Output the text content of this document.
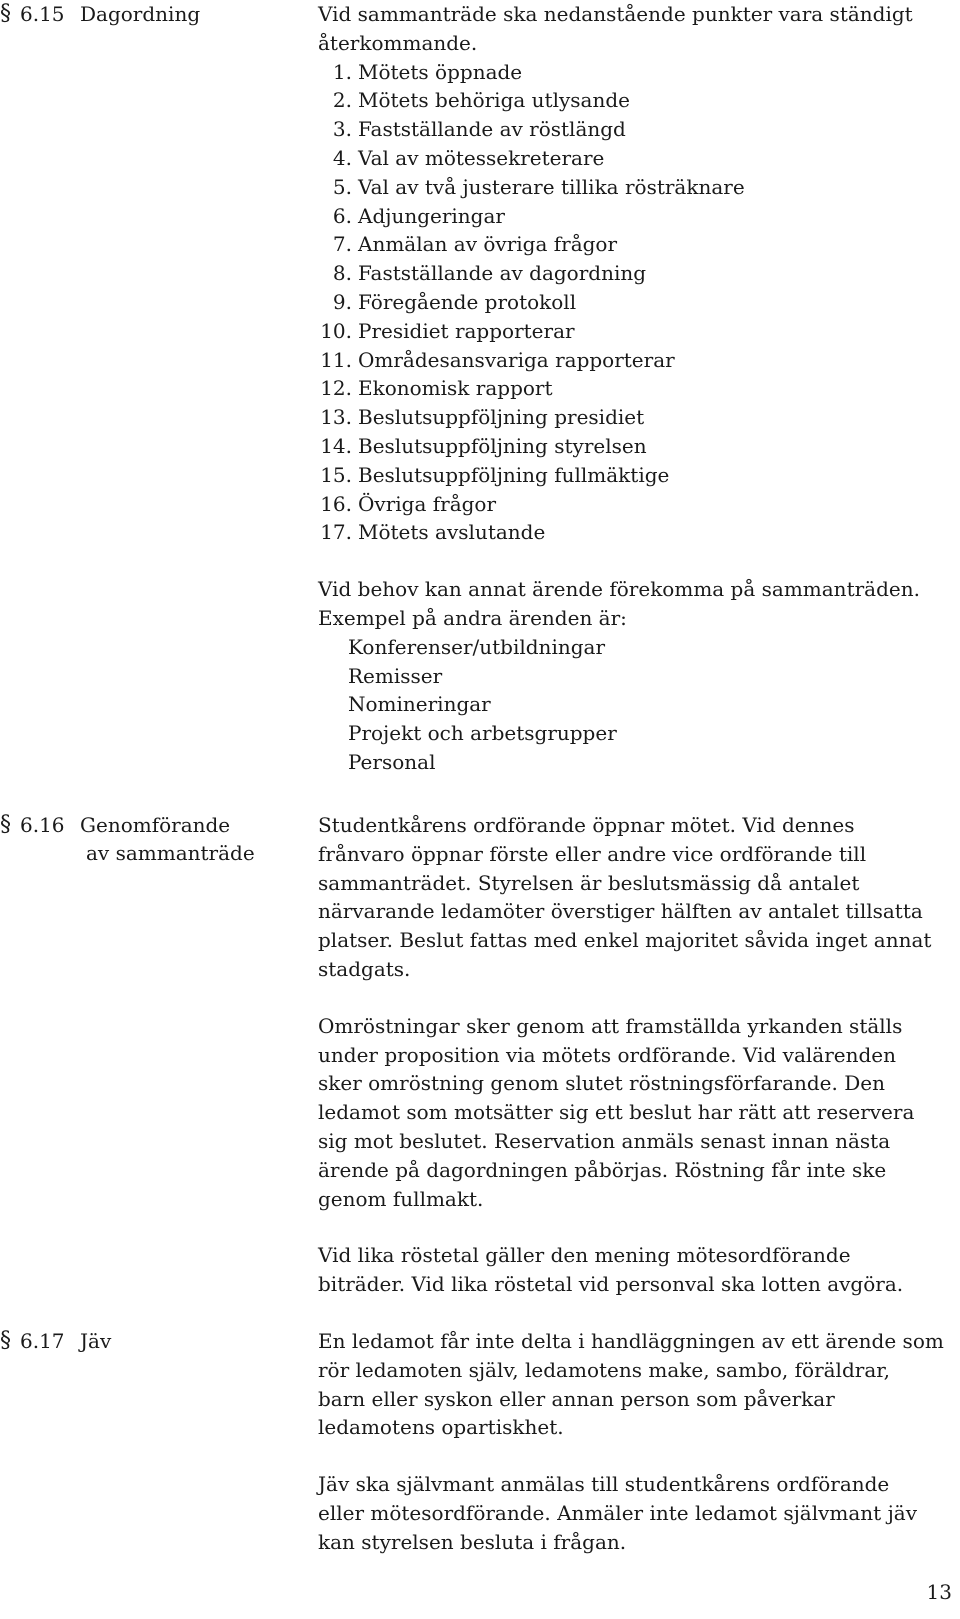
§ 6.15 Dagordning	Vid sammanträde ska nedanstående punkter vara ständigt

återkommande.

1. Mötets öppnade
2. Mötets behöriga utlysande
3. Fastställande av röstlängd
4. Val av mötessekreterare
5. Val av två justerare tillika rösträknare
6. Adjungeringar
7. Anmälan av övriga frågor
8. Fastställande av dagordning
9. Föregående protokoll
10. Presidiet rapporterar
11. Områdesansvariga rapporterar
12. Ekonomisk rapport
13. Beslutsuppföljning presidiet
14. Beslutsuppföljning styrelsen
15. Beslutsuppföljning fullmäktige
16. Övriga frågor
17. Mötets avslutande

Vid behov kan annat ärende förekomma på sammanträden.

Exempel på andra ärenden är:

Konferenser/utbildningar

Remisser

Nomineringar

Projekt och arbetsgrupper

Personal

§ 6.16 Genomförande
av sammanträde

Studentkårens ordförande öppnar mötet. Vid dennes

frånvaro öppnar förste eller andre vice ordförande till

sammanträdet. Styrelsen är beslutsmässig då antalet

närvarande ledamöter överstiger hälften av antalet tillsatta

platser. Beslut fattas med enkel majoritet såvida inget annat

stadgats.

Omröstningar sker genom att framställda yrkanden ställs

under proposition via mötets ordförande. Vid valärenden

sker omröstning genom slutet röstningsförfarande. Den

ledamot som motsätter sig ett beslut har rätt att reservera

sig mot beslutet. Reservation anmäls senast innan nästa

ärende på dagordningen påbörjas. Röstning får inte ske

genom fullmakt.

Vid lika röstetal gäller den mening mötesordförande

biträder. Vid lika röstetal vid personval ska lotten avgöra.

§ 6.17 Jäv	En ledamot får inte delta i handläggningen av ett ärende som

rör ledamoten själv, ledamotens make, sambo, föräldrar,

barn eller syskon eller annan person som påverkar

ledamotens opartiskhet.

Jäv ska självmant anmälas till studentkårens ordförande

eller mötesordförande. Anmäler inte ledamot självmant jäv

kan styrelsen besluta i frågan.

13
